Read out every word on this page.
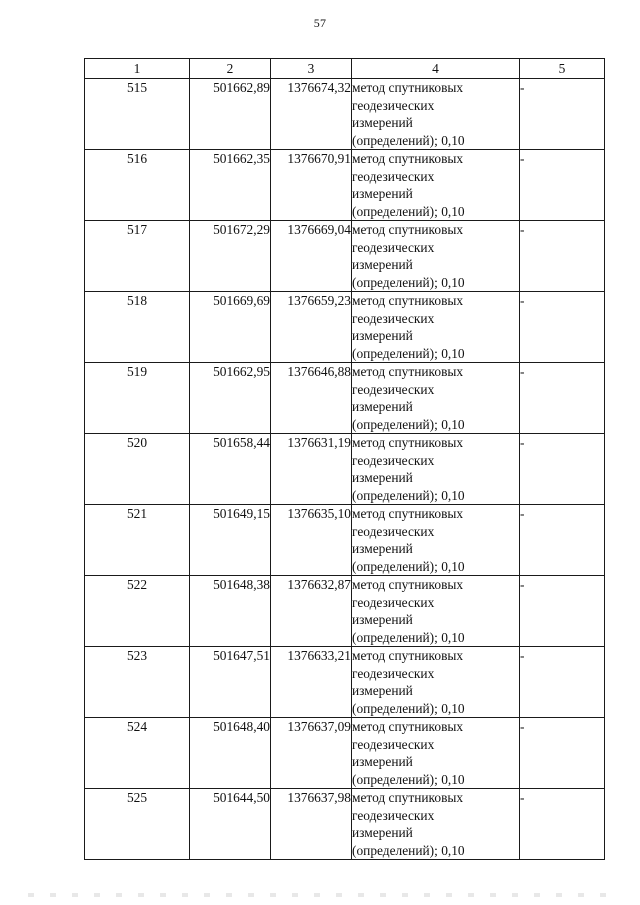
57
1	2	3	4	5
515	501662,89	1376674,32	метод спутниковых
геодезических
измерений
(определений); 0,10	-
516	501662,35	1376670,91	метод спутниковых
геодезических
измерений
(определений); 0,10	-
517	501672,29	1376669,04	метод спутниковых
геодезических
измерений
(определений); 0,10	-
518	501669,69	1376659,23	метод спутниковых
геодезических
измерений
(определений); 0,10	-
519	501662,95	1376646,88	метод спутниковых
геодезических
измерений
(определений); 0,10	-
520	501658,44	1376631,19	метод спутниковых
геодезических
измерений
(определений); 0,10	-
521	501649,15	1376635,10	метод спутниковых
геодезических
измерений
(определений); 0,10	-
522	501648,38	1376632,87	метод спутниковых
геодезических
измерений
(определений); 0,10	-
523	501647,51	1376633,21	метод спутниковых
геодезических
измерений
(определений); 0,10	-
524	501648,40	1376637,09	метод спутниковых
геодезических
измерений
(определений); 0,10	-
525	501644,50	1376637,98	метод спутниковых
геодезических
измерений
(определений); 0,10	-
